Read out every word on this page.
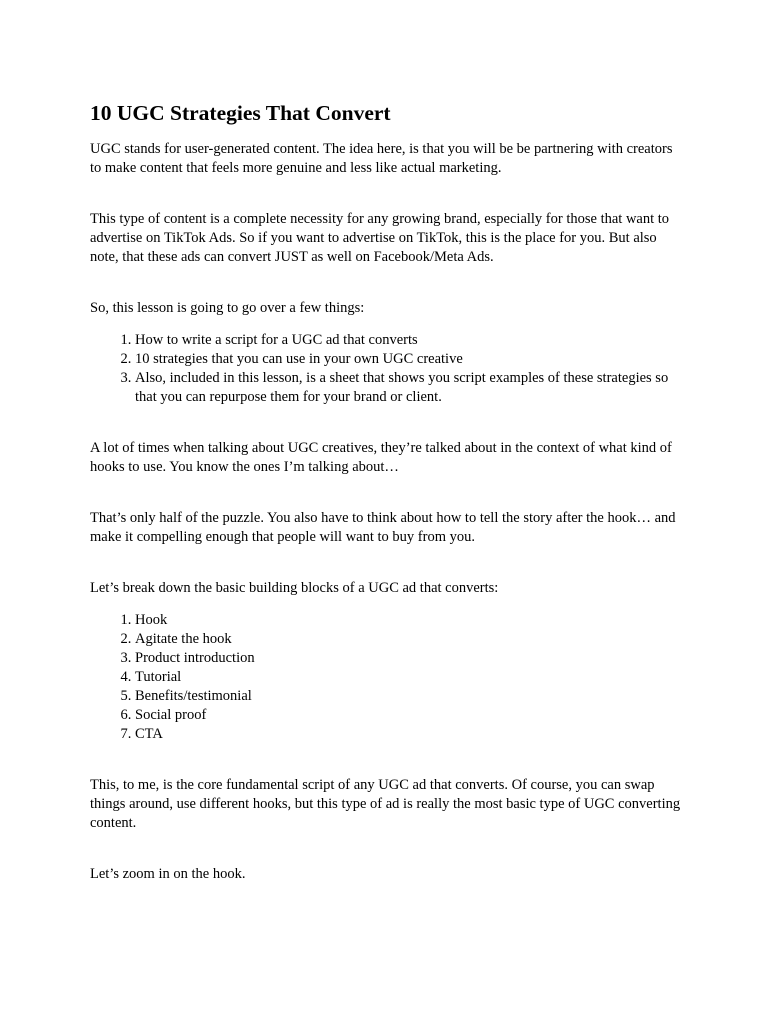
10 UGC Strategies That Convert

UGC stands for user-generated content. The idea here, is that you will be be partnering with creators to make content that feels more genuine and less like actual marketing.

This type of content is a complete necessity for any growing brand, especially for those that want to advertise on TikTok Ads. So if you want to advertise on TikTok, this is the place for you. But also note, that these ads can convert JUST as well on Facebook/Meta Ads.

So, this lesson is going to go over a few things:

1. How to write a script for a UGC ad that converts
2. 10 strategies that you can use in your own UGC creative
3. Also, included in this lesson, is a sheet that shows you script examples of these strategies so that you can repurpose them for your brand or client.

A lot of times when talking about UGC creatives, they’re talked about in the context of what kind of hooks to use. You know the ones I’m talking about…

That’s only half of the puzzle. You also have to think about how to tell the story after the hook… and make it compelling enough that people will want to buy from you.

Let’s break down the basic building blocks of a UGC ad that converts:

1. Hook
2. Agitate the hook
3. Product introduction
4. Tutorial
5. Benefits/testimonial
6. Social proof
7. CTA

This, to me, is the core fundamental script of any UGC ad that converts. Of course, you can swap things around, use different hooks, but this type of ad is really the most basic type of UGC converting content.

Let’s zoom in on the hook.
